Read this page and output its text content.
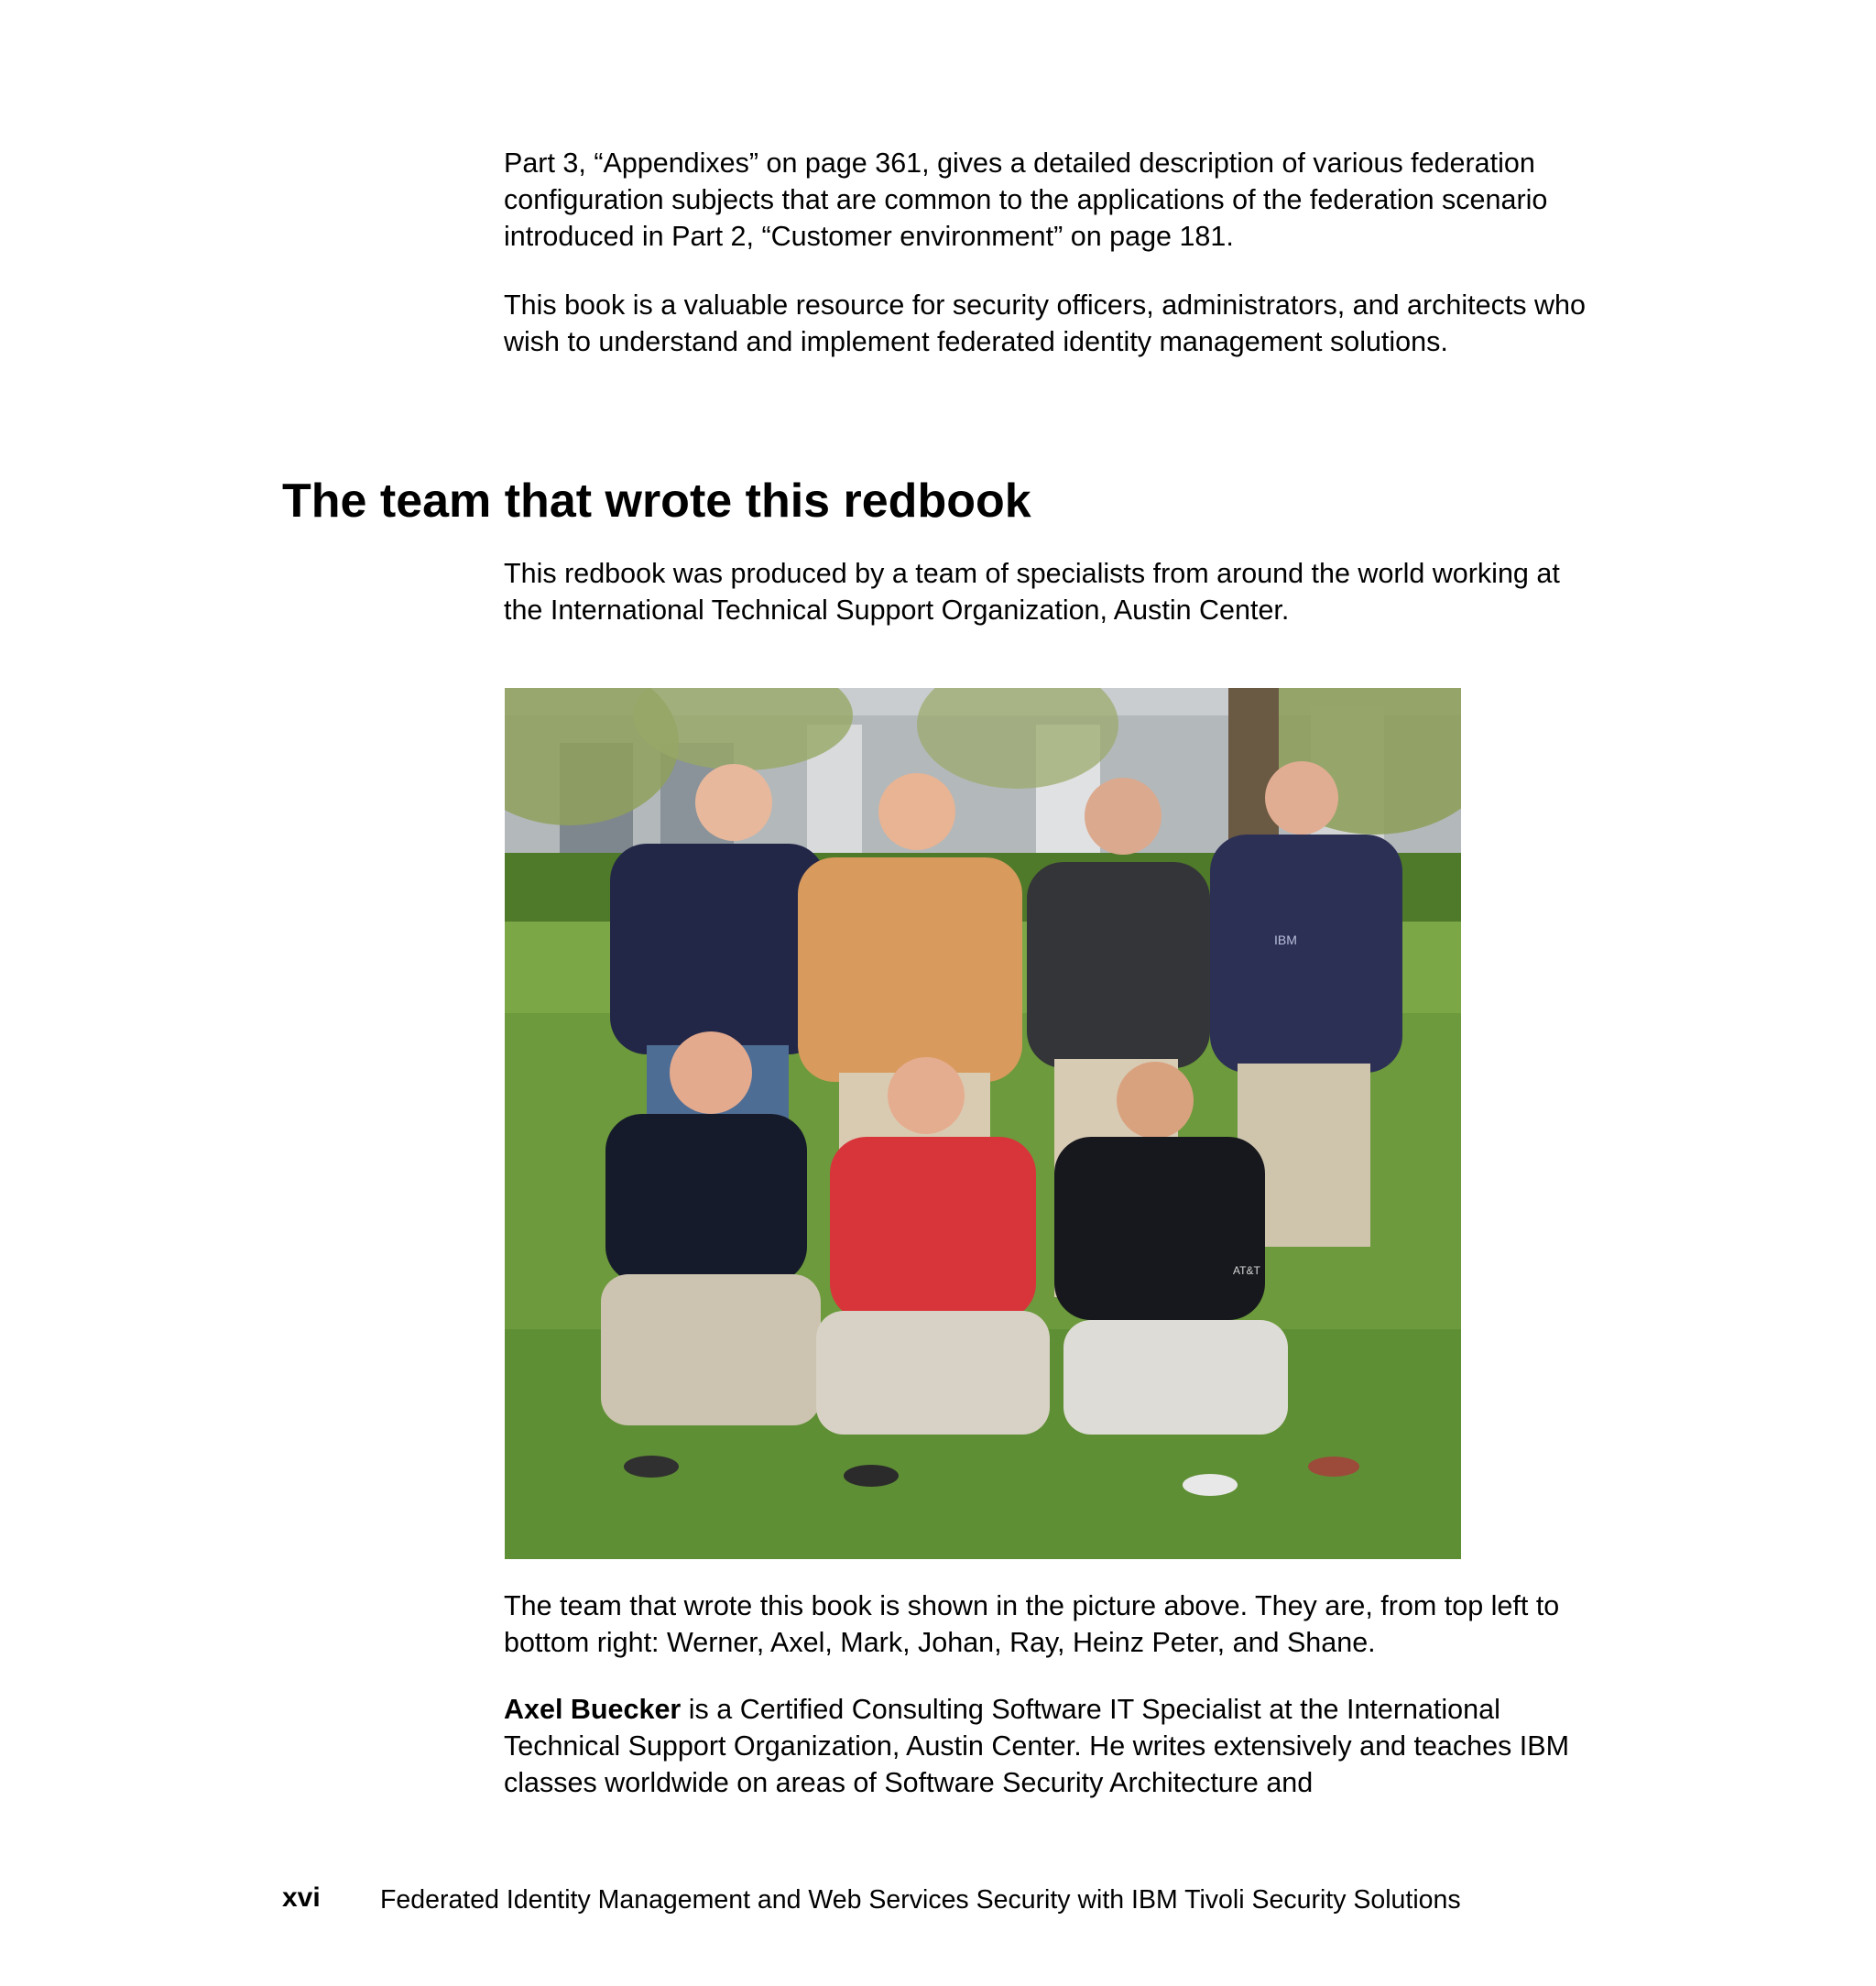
Part 3, “Appendixes” on page 361, gives a detailed description of various federation configuration subjects that are common to the applications of the federation scenario introduced in Part 2, “Customer environment” on page 181.

This book is a valuable resource for security officers, administrators, and architects who wish to understand and implement federated identity management solutions.

The team that wrote this redbook

This redbook was produced by a team of specialists from around the world working at the International Technical Support Organization, Austin Center.

IBM
AT&T

The team that wrote this book is shown in the picture above. They are, from top left to bottom right: Werner, Axel, Mark, Johan, Ray, Heinz Peter, and Shane.

Axel Buecker is a Certified Consulting Software IT Specialist at the International Technical Support Organization, Austin Center. He writes extensively and teaches IBM classes worldwide on areas of Software Security Architecture and

xvi Federated Identity Management and Web Services Security with IBM Tivoli Security Solutions
